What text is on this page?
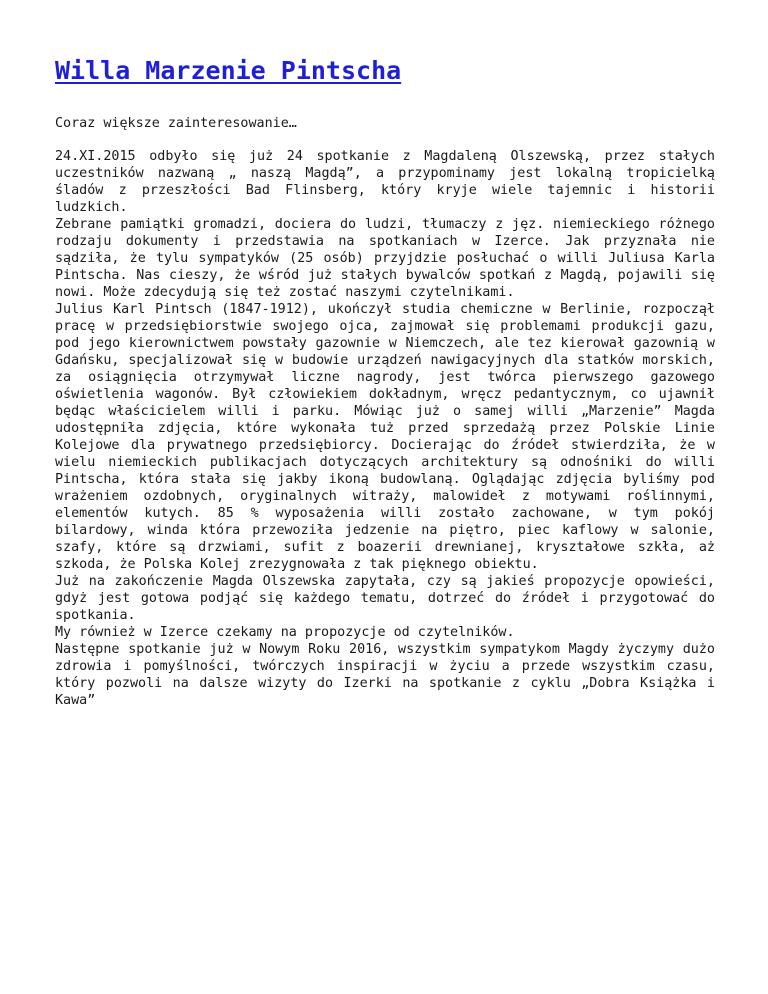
Willa Marzenie Pintscha

Coraz większe zainteresowanie…

24.XI.2015 odbyło się już 24 spotkanie z Magdaleną Olszewską, przez stałych uczestników nazwaną „ naszą Magdą”, a przypominamy jest lokalną tropicielką śladów z przeszłości Bad Flinsberg, który kryje wiele tajemnic i historii ludzkich.

Zebrane pamiątki gromadzi, dociera do ludzi, tłumaczy z jęz. niemieckiego różnego rodzaju dokumenty i przedstawia na spotkaniach w Izerce. Jak przyznała nie sądziła, że tylu sympatyków (25 osób) przyjdzie posłuchać o willi Juliusa Karla Pintscha. Nas cieszy, że wśród już stałych bywalców spotkań z Magdą, pojawili się nowi. Może zdecydują się też zostać naszymi czytelnikami.

Julius Karl Pintsch (1847-1912), ukończył studia chemiczne w Berlinie, rozpoczął pracę w przedsiębiorstwie swojego ojca, zajmował się problemami produkcji gazu, pod jego kierownictwem powstały gazownie w Niemczech, ale tez kierował gazownią w Gdańsku, specjalizował się w budowie urządzeń nawigacyjnych dla statków morskich, za osiągnięcia otrzymywał liczne nagrody, jest twórca pierwszego gazowego oświetlenia wagonów. Był człowiekiem dokładnym, wręcz pedantycznym, co ujawnił będąc właścicielem willi i parku. Mówiąc już o samej willi „Marzenie” Magda udostępniła zdjęcia, które wykonała tuż przed sprzedażą przez Polskie Linie Kolejowe dla prywatnego przedsiębiorcy. Docierając do źródeł stwierdziła, że w wielu niemieckich publikacjach dotyczących architektury są odnośniki do willi Pintscha, która stała się jakby ikoną budowlaną. Oglądając zdjęcia byliśmy pod wrażeniem ozdobnych, oryginalnych witraży, malowideł z motywami roślinnymi, elementów kutych. 85 % wyposażenia willi zostało zachowane, w tym pokój bilardowy, winda która przewoziła jedzenie na piętro, piec kaflowy w salonie, szafy, które są drzwiami, sufit z boazerii drewnianej, kryształowe szkła, aż szkoda, że Polska Kolej zrezygnowała z tak pięknego obiektu.

Już na zakończenie Magda Olszewska zapytała, czy są jakieś propozycje opowieści, gdyż jest gotowa podjąć się każdego tematu, dotrzeć do źródeł i przygotować do spotkania.

My również w Izerce czekamy na propozycje od czytelników.

Następne spotkanie już w Nowym Roku 2016, wszystkim sympatykom Magdy życzymy dużo zdrowia i pomyślności, twórczych inspiracji w życiu a przede wszystkim czasu, który pozwoli na dalsze wizyty do Izerki na spotkanie z cyklu „Dobra Książka i Kawa”
